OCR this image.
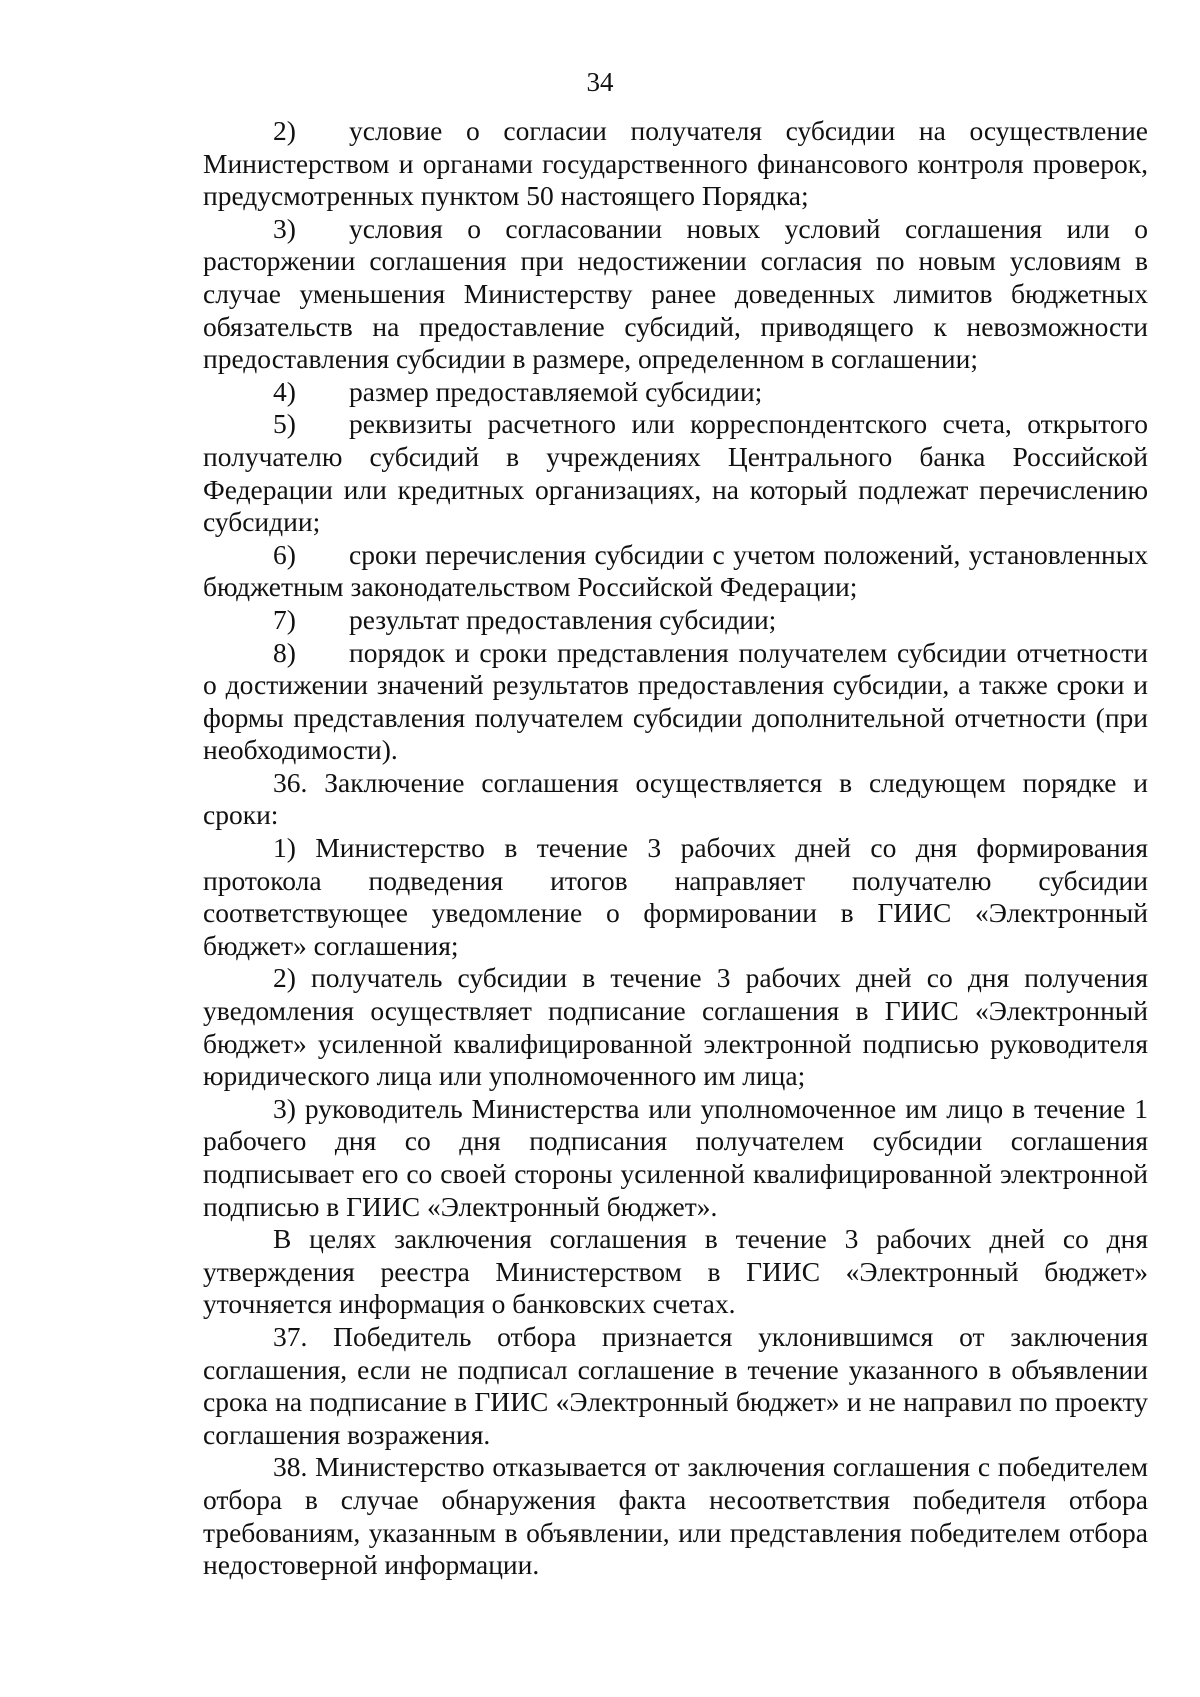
34

2) условие о согласии получателя субсидии на осуществление Министерством и органами государственного финансового контроля проверок, предусмотренных пунктом 50 настоящего Порядка;

3) условия о согласовании новых условий соглашения или о расторжении соглашения при недостижении согласия по новым условиям в случае уменьшения Министерству ранее доведенных лимитов бюджетных обязательств на предоставление субсидий, приводящего к невозможности предоставления субсидии в размере, определенном в соглашении;

4) размер предоставляемой субсидии;

5) реквизиты расчетного или корреспондентского счета, открытого получателю субсидий в учреждениях Центрального банка Российской Федерации или кредитных организациях, на который подлежат перечислению субсидии;

6) сроки перечисления субсидии с учетом положений, установленных бюджетным законодательством Российской Федерации;

7) результат предоставления субсидии;

8) порядок и сроки представления получателем субсидии отчетности о достижении значений результатов предоставления субсидии, а также сроки и формы представления получателем субсидии дополнительной отчетности (при необходимости).

36. Заключение соглашения осуществляется в следующем порядке и сроки:

1) Министерство в течение 3 рабочих дней со дня формирования протокола подведения итогов направляет получателю субсидии соответствующее уведомление о формировании в ГИИС «Электронный бюджет» соглашения;

2) получатель субсидии в течение 3 рабочих дней со дня получения уведомления осуществляет подписание соглашения в ГИИС «Электронный бюджет» усиленной квалифицированной электронной подписью руководителя юридического лица или уполномоченного им лица;

3) руководитель Министерства или уполномоченное им лицо в течение 1 рабочего дня со дня подписания получателем субсидии соглашения подписывает его со своей стороны усиленной квалифицированной электронной подписью в ГИИС «Электронный бюджет».

В целях заключения соглашения в течение 3 рабочих дней со дня утверждения реестра Министерством в ГИИС «Электронный бюджет» уточняется информация о банковских счетах.

37. Победитель отбора признается уклонившимся от заключения соглашения, если не подписал соглашение в течение указанного в объявлении срока на подписание в ГИИС «Электронный бюджет» и не направил по проекту соглашения возражения.

38. Министерство отказывается от заключения соглашения с победителем отбора в случае обнаружения факта несоответствия победителя отбора требованиям, указанным в объявлении, или представления победителем отбора недостоверной информации.
